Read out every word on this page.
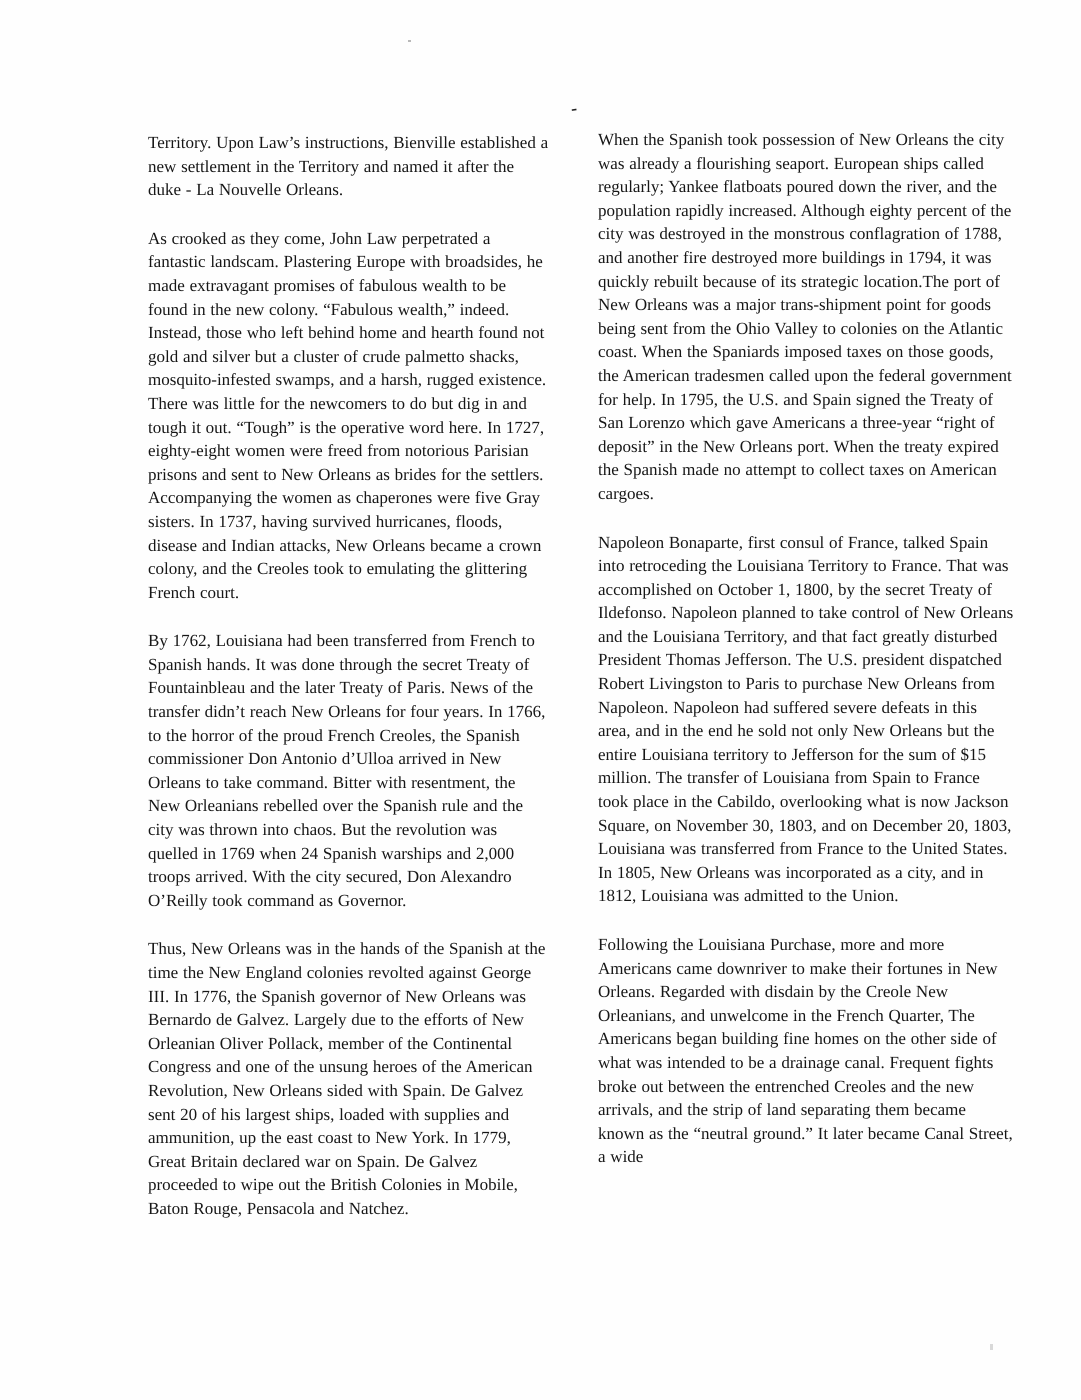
-

Territory. Upon Law’s instructions, Bienville established a new settlement in the Territory and named it after the duke - La Nouvelle Orleans.

As crooked as they come, John Law perpetrated a fantastic landscam. Plastering Europe with broadsides, he made extravagant promises of fabulous wealth to be found in the new colony. “Fabulous wealth,” indeed. Instead, those who left behind home and hearth found not gold and silver but a cluster of crude palmetto shacks, mosquito-infested swamps, and a harsh, rugged existence. There was little for the newcomers to do but dig in and tough it out. “Tough” is the operative word here. In 1727, eighty-eight women were freed from notorious Parisian prisons and sent to New Orleans as brides for the settlers. Accompanying the women as chaperones were five Gray sisters. In 1737, having survived hurricanes, floods, disease and Indian attacks, New Orleans became a crown colony, and the Creoles took to emulating the glittering French court.

By 1762, Louisiana had been transferred from French to Spanish hands. It was done through the secret Treaty of Fountainbleau and the later Treaty of Paris. News of the transfer didn’t reach New Orleans for four years. In 1766, to the horror of the proud French Creoles, the Spanish commissioner Don Antonio d’Ulloa arrived in New Orleans to take command. Bitter with resentment, the New Orleanians rebelled over the Spanish rule and the city was thrown into chaos. But the revolution was quelled in 1769 when 24 Spanish warships and 2,000 troops arrived. With the city secured, Don Alexandro O’Reilly took command as Governor.

Thus, New Orleans was in the hands of the Spanish at the time the New England colonies revolted against George III. In 1776, the Spanish governor of New Orleans was Bernardo de Galvez. Largely due to the efforts of New Orleanian Oliver Pollack, member of the Continental Congress and one of the unsung heroes of the American Revolution, New Orleans sided with Spain. De Galvez sent 20 of his largest ships, loaded with supplies and ammunition, up the east coast to New York. In 1779, Great Britain declared war on Spain. De Galvez proceeded to wipe out the British Colonies in Mobile, Baton Rouge, Pensacola and Natchez.

When the Spanish took possession of New Orleans the city was already a flourishing seaport. European ships called regularly; Yankee flatboats poured down the river, and the population rapidly increased. Although eighty percent of the city was destroyed in the monstrous conflagration of 1788, and another fire destroyed more buildings in 1794, it was quickly rebuilt because of its strategic location.The port of New Orleans was a major trans-shipment point for goods being sent from the Ohio Valley to colonies on the Atlantic coast. When the Spaniards imposed taxes on those goods, the American tradesmen called upon the federal government for help. In 1795, the U.S. and Spain signed the Treaty of San Lorenzo which gave Americans a three-year “right of deposit” in the New Orleans port. When the treaty expired the Spanish made no attempt to collect taxes on American cargoes.

Napoleon Bonaparte, first consul of France, talked Spain into retroceding the Louisiana Territory to France. That was accomplished on October 1, 1800, by the secret Treaty of Ildefonso. Napoleon planned to take control of New Orleans and the Louisiana Territory, and that fact greatly disturbed President Thomas Jefferson. The U.S. president dispatched Robert Livingston to Paris to purchase New Orleans from Napoleon. Napoleon had suffered severe defeats in this area, and in the end he sold not only New Orleans but the entire Louisiana territory to Jefferson for the sum of $15 million. The transfer of Louisiana from Spain to France took place in the Cabildo, overlooking what is now Jackson Square, on November 30, 1803, and on December 20, 1803, Louisiana was transferred from France to the United States. In 1805, New Orleans was incorporated as a city, and in 1812, Louisiana was admitted to the Union.

Following the Louisiana Purchase, more and more Americans came downriver to make their fortunes in New Orleans. Regarded with disdain by the Creole New Orleanians, and unwelcome in the French Quarter, The Americans began building fine homes on the other side of what was intended to be a drainage canal. Frequent fights broke out between the entrenched Creoles and the new arrivals, and the strip of land separating them became known as the “neutral ground.” It later became Canal Street, a wide
